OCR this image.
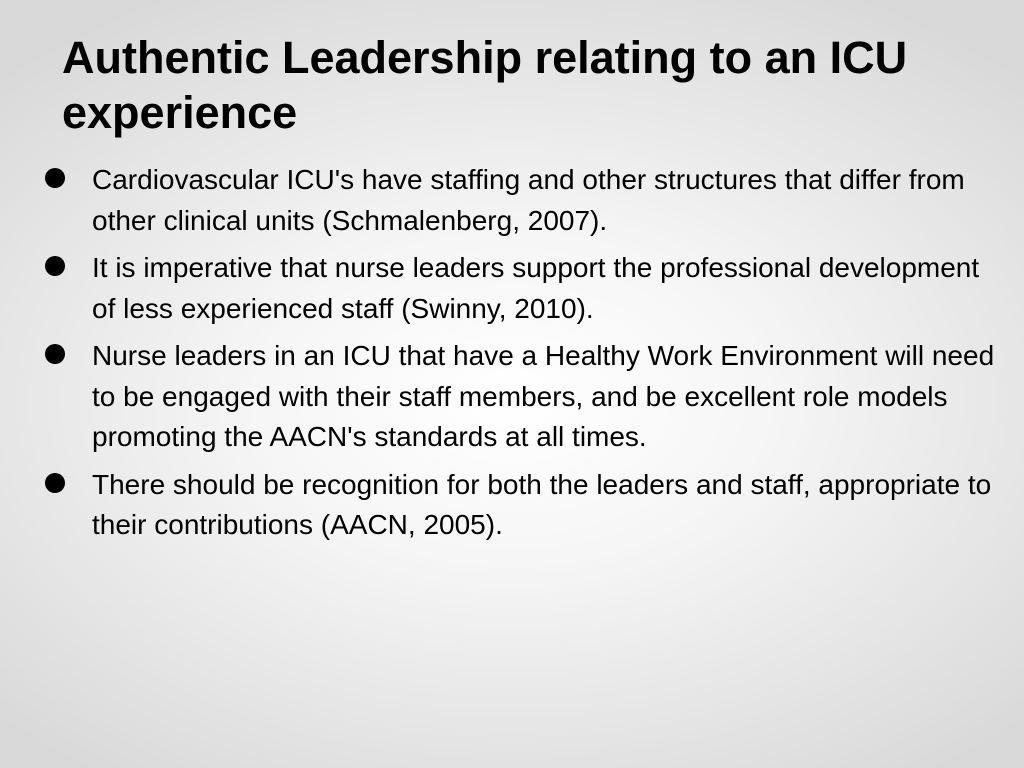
Authentic Leadership relating to an ICU experience
Cardiovascular ICU's have staffing and other structures that differ from other clinical units (Schmalenberg, 2007).
It is imperative that nurse leaders support the professional development of less experienced staff (Swinny, 2010).
Nurse leaders in an ICU that have a Healthy Work Environment will need to be engaged with their staff members, and be excellent role models promoting the AACN's standards at all times.
There should be recognition for both the leaders and staff, appropriate to their contributions (AACN, 2005).
